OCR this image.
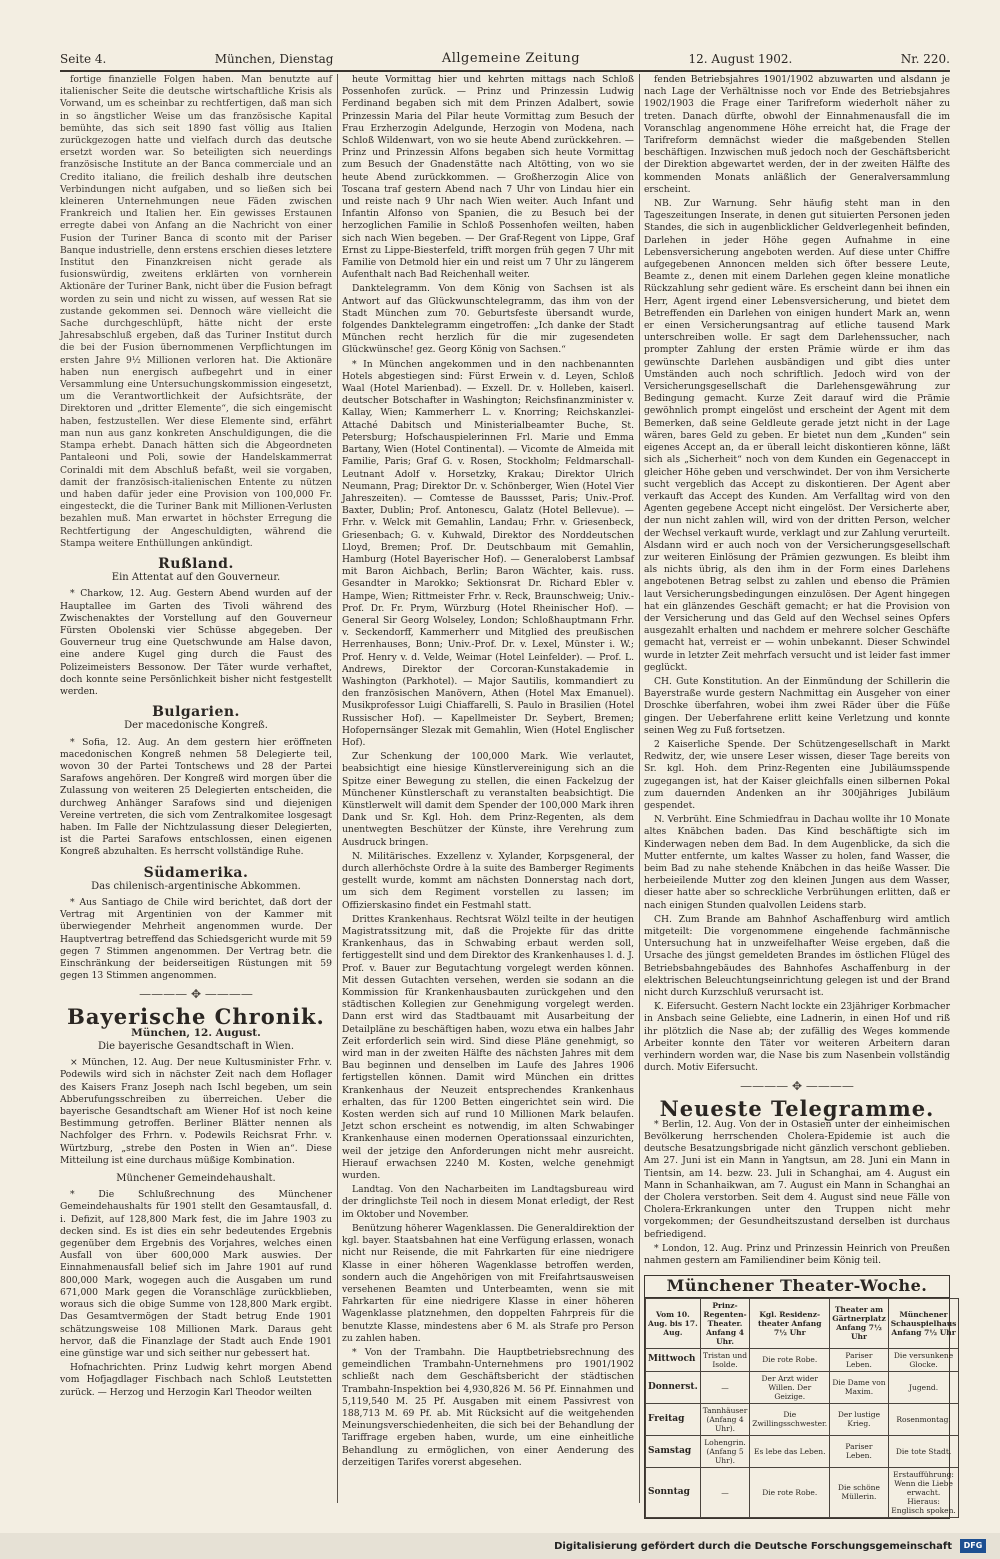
Seite 4.	München, Dienstag	Allgemeine Zeitung	12. August 1902.	Nr. 220.

fortige finanzielle Folgen haben. Man benutzte auf italienischer Seite die deutsche wirtschaftliche Krisis als Vorwand, um es scheinbar zu rechtfertigen, daß man sich in so ängstlicher Weise um das französische Kapital bemühte, das sich seit 1890 fast völlig aus Italien zurückgezogen hatte und vielfach durch das deutsche ersetzt worden war. So beteiligten sich neuerdings französische Institute an der Banca commerciale und an Credito italiano, die freilich deshalb ihre deutschen Verbindungen nicht aufgaben, und so ließen sich bei kleineren Unternehmungen neue Fäden zwischen Frankreich und Italien her. Ein gewisses Erstaunen erregte dabei von Anfang an die Nachricht von einer Fusion der Turiner Banca di sconto mit der Pariser Banque industrielle, denn erstens erschien dieses letztere Institut den Finanzkreisen nicht gerade als fusionswürdig, zweitens erklärten von vornherein Aktionäre der Turiner Bank, nicht über die Fusion befragt worden zu sein und nicht zu wissen, auf wessen Rat sie zustande gekommen sei. Dennoch wäre vielleicht die Sache durchgeschlüpft, hätte nicht der erste Jahresabschluß ergeben, daß das Turiner Institut durch die bei der Fusion übernommenen Verpflichtungen im ersten Jahre 9½ Millionen verloren hat. Die Aktionäre haben nun energisch aufbegehrt und in einer Versammlung eine Untersuchungskommission eingesetzt, um die Verantwortlichkeit der Aufsichtsräte, der Direktoren und „dritter Elemente“, die sich eingemischt haben, festzustellen. Wer diese Elemente sind, erfährt man nun aus ganz konkreten Anschuldigungen, die die Stampa erhebt. Danach hätten sich die Abgeordneten Pantaleoni und Poli, sowie der Handelskammerrat Corinaldi mit dem Abschluß befaßt, weil sie vorgaben, damit der französisch-italienischen Entente zu nützen und haben dafür jeder eine Provision von 100,000 Fr. eingesteckt, die die Turiner Bank mit Millionen-Verlusten bezahlen muß. Man erwartet in höchster Erregung die Rechtfertigung der Angeschuldigten, während die Stampa weitere Enthüllungen ankündigt.

Rußland.
Ein Attentat auf den Gouverneur.

* Charkow, 12. Aug. Gestern Abend wurden auf der Hauptallee im Garten des Tivoli während des Zwischenaktes der Vorstellung auf den Gouverneur Fürsten Obolenski vier Schüsse abgegeben. Der Gouverneur trug eine Quetschwunde am Halse davon, eine andere Kugel ging durch die Faust des Polizeimeisters Bessonow. Der Täter wurde verhaftet, doch konnte seine Persönlichkeit bisher nicht festgestellt werden.

Bulgarien.
Der macedonische Kongreß.

* Sofia, 12. Aug. An dem gestern hier eröffneten macedonischen Kongreß nehmen 58 Delegierte teil, wovon 30 der Partei Tontschews und 28 der Partei Sarafows angehören. Der Kongreß wird morgen über die Zulassung von weiteren 25 Delegierten entscheiden, die durchweg Anhänger Sarafows sind und diejenigen Vereine vertreten, die sich vom Zentralkomitee losgesagt haben. Im Falle der Nichtzulassung dieser Delegierten, ist die Partei Sarafows entschlossen, einen eigenen Kongreß abzuhalten. Es herrscht vollständige Ruhe.

Südamerika.
Das chilenisch-argentinische Abkommen.

* Aus Santiago de Chile wird berichtet, daß dort der Vertrag mit Argentinien von der Kammer mit überwiegender Mehrheit angenommen wurde. Der Hauptvertrag betreffend das Schiedsgericht wurde mit 59 gegen 7 Stimmen angenommen. Der Vertrag betr. die Einschränkung der beiderseitigen Rüstungen mit 59 gegen 13 Stimmen angenommen.

———— ✥ ————
Bayerische Chronik.
München, 12. August.
Die bayerische Gesandtschaft in Wien.

× München, 12. Aug. Der neue Kultusminister Frhr. v. Podewils wird sich in nächster Zeit nach dem Hoflager des Kaisers Franz Joseph nach Ischl begeben, um sein Abberufungsschreiben zu überreichen. Ueber die bayerische Gesandtschaft am Wiener Hof ist noch keine Bestimmung getroffen. Berliner Blätter nennen als Nachfolger des Frhrn. v. Podewils Reichsrat Frhr. v. Würtzburg, „strebe den Posten in Wien an“. Diese Mitteilung ist eine durchaus müßige Kombination.

Münchener Gemeindehaushalt.

* Die Schlußrechnung des Münchener Gemeindehaushalts für 1901 stellt den Gesamtausfall, d. i. Defizit, auf 128,800 Mark fest, die im Jahre 1903 zu decken sind. Es ist dies ein sehr bedeutendes Ergebnis gegenüber dem Ergebnis des Vorjahres, welches einen Ausfall von über 600,000 Mark auswies. Der Einnahmenausfall belief sich im Jahre 1901 auf rund 800,000 Mark, wogegen auch die Ausgaben um rund 671,000 Mark gegen die Voranschläge zurückblieben, woraus sich die obige Summe von 128,800 Mark ergibt. Das Gesamtvermögen der Stadt betrug Ende 1901 schätzungsweise 108 Millionen Mark. Daraus geht hervor, daß die Finanzlage der Stadt auch Ende 1901 eine günstige war und sich seither nur gebessert hat.

Hofnachrichten. Prinz Ludwig kehrt morgen Abend vom Hofjagdlager Fischbach nach Schloß Leutstetten zurück. — Herzog und Herzogin Karl Theodor weilten

heute Vormittag hier und kehrten mittags nach Schloß Possenhofen zurück. — Prinz und Prinzessin Ludwig Ferdinand begaben sich mit dem Prinzen Adalbert, sowie Prinzessin Maria del Pilar heute Vormittag zum Besuch der Frau Erzherzogin Adelgunde, Herzogin von Modena, nach Schloß Wildenwart, von wo sie heute Abend zurückkehren. — Prinz und Prinzessin Alfons begaben sich heute Vormittag zum Besuch der Gnadenstätte nach Altötting, von wo sie heute Abend zurückkommen. — Großherzogin Alice von Toscana traf gestern Abend nach 7 Uhr von Lindau hier ein und reiste nach 9 Uhr nach Wien weiter. Auch Infant und Infantin Alfonso von Spanien, die zu Besuch bei der herzoglichen Familie in Schloß Possenhofen weilten, haben sich nach Wien begeben. — Der Graf-Regent von Lippe, Graf Ernst zu Lippe-Biesterfeld, trifft morgen früh gegen 7 Uhr mit Familie von Detmold hier ein und reist um 7 Uhr zu längerem Aufenthalt nach Bad Reichenhall weiter.

Danktelegramm. Von dem König von Sachsen ist als Antwort auf das Glückwunschtelegramm, das ihm von der Stadt München zum 70. Geburtsfeste übersandt wurde, folgendes Danktelegramm eingetroffen: „Ich danke der Stadt München recht herzlich für die mir zugesendeten Glückwünsche! gez. Georg König von Sachsen.“

* In München angekommen und in den nachbenannten Hotels abgestiegen sind: Fürst Erwein v. d. Leyen, Schloß Waal (Hotel Marienbad). — Exzell. Dr. v. Holleben, kaiserl. deutscher Botschafter in Washington; Reichsfinanzminister v. Kallay, Wien; Kammerherr L. v. Knorring; Reichskanzlei-Attaché Dabitsch und Ministerialbeamter Buche, St. Petersburg; Hofschauspielerinnen Frl. Marie und Emma Bartany, Wien (Hotel Continental). — Vicomte de Almeida mit Familie, Paris; Graf G. v. Rosen, Stockholm; Feldmarschall-Leutnant Adolf v. Horsetzky, Krakau; Direktor Ulrich Neumann, Prag; Direktor Dr. v. Schönberger, Wien (Hotel Vier Jahreszeiten). — Comtesse de Baussset, Paris; Univ.-Prof. Baxter, Dublin; Prof. Antonescu, Galatz (Hotel Bellevue). — Frhr. v. Welck mit Gemahlin, Landau; Frhr. v. Griesenbeck, Griesenbach; G. v. Kuhwald, Direktor des Norddeutschen Lloyd, Bremen; Prof. Dr. Deutschbaum mit Gemahlin, Hamburg (Hotel Bayerischer Hof). — Generaloberst Lambsaf mit Baron Aichbach, Berlin; Baron Wächter, kais. russ. Gesandter in Marokko; Sektionsrat Dr. Richard Ebler v. Hampe, Wien; Rittmeister Frhr. v. Reck, Braunschweig; Univ.-Prof. Dr. Fr. Prym, Würzburg (Hotel Rheinischer Hof). — General Sir Georg Wolseley, London; Schloßhauptmann Frhr. v. Seckendorff, Kammerherr und Mitglied des preußischen Herrenhauses, Bonn; Univ.-Prof. Dr. v. Lexel, Münster i. W.; Prof. Henry v. d. Velde, Weimar (Hotel Leinfelder). — Prof. L. Andrews, Direktor der Corcoran-Kunstakademie in Washington (Parkhotel). — Major Sautilis, kommandiert zu den französischen Manövern, Athen (Hotel Max Emanuel). Musikprofessor Luigi Chiaffarelli, S. Paulo in Brasilien (Hotel Russischer Hof). — Kapellmeister Dr. Seybert, Bremen; Hofopernsänger Slezak mit Gemahlin, Wien (Hotel Englischer Hof).

Zur Schenkung der 100,000 Mark. Wie verlautet, beabsichtigt eine hiesige Künstlervereinigung sich an die Spitze einer Bewegung zu stellen, die einen Fackelzug der Münchener Künstlerschaft zu veranstalten beabsichtigt. Die Künstlerwelt will damit dem Spender der 100,000 Mark ihren Dank und Sr. Kgl. Hoh. dem Prinz-Regenten, als dem unentwegten Beschützer der Künste, ihre Verehrung zum Ausdruck bringen.

N. Militärisches. Exzellenz v. Xylander, Korpsgeneral, der durch allerhöchste Ordre à la suite des Bamberger Regiments gestellt wurde, kommt am nächsten Donnerstag nach dort, um sich dem Regiment vorstellen zu lassen; im Offizierskasino findet ein Festmahl statt.

Drittes Krankenhaus. Rechtsrat Wölzl teilte in der heutigen Magistratssitzung mit, daß die Projekte für das dritte Krankenhaus, das in Schwabing erbaut werden soll, fertiggestellt sind und dem Direktor des Krankenhauses l. d. J. Prof. v. Bauer zur Begutachtung vorgelegt werden können. Mit dessen Gutachten versehen, werden sie sodann an die Kommission für Krankenhausbauten zurückgehen und den städtischen Kollegien zur Genehmigung vorgelegt werden. Dann erst wird das Stadtbauamt mit Ausarbeitung der Detailpläne zu beschäftigen haben, wozu etwa ein halbes Jahr Zeit erforderlich sein wird. Sind diese Pläne genehmigt, so wird man in der zweiten Hälfte des nächsten Jahres mit dem Bau beginnen und denselben im Laufe des Jahres 1906 fertigstellen können. Damit wird München ein drittes Krankenhaus der Neuzeit entsprechendes Krankenhaus erhalten, das für 1200 Betten eingerichtet sein wird. Die Kosten werden sich auf rund 10 Millionen Mark belaufen. Jetzt schon erscheint es notwendig, im alten Schwabinger Krankenhause einen modernen Operationssaal einzurichten, weil der jetzige den Anforderungen nicht mehr ausreicht. Hierauf erwachsen 2240 M. Kosten, welche genehmigt wurden.

Landtag. Von den Nacharbeiten im Landtagsbureau wird der dringlichste Teil noch in diesem Monat erledigt, der Rest im Oktober und November.

Benützung höherer Wagenklassen. Die Generaldirektion der kgl. bayer. Staatsbahnen hat eine Verfügung erlassen, wonach nicht nur Reisende, die mit Fahrkarten für eine niedrigere Klasse in einer höheren Wagenklasse betroffen werden, sondern auch die Angehörigen von mit Freifahrtsausweisen versehenen Beamten und Unterbeamten, wenn sie mit Fahrkarten für eine niedrigere Klasse in einer höheren Wagenklasse platznehmen, den doppelten Fahrpreis für die benutzte Klasse, mindestens aber 6 M. als Strafe pro Person zu zahlen haben.

* Von der Trambahn. Die Hauptbetriebsrechnung des gemeindlichen Trambahn-Unternehmens pro 1901/1902 schließt nach dem Geschäftsbericht der städtischen Trambahn-Inspektion bei 4,930,826 M. 56 Pf. Einnahmen und 5,119,540 M. 25 Pf. Ausgaben mit einem Passivrest von 188,713 M. 69 Pf. ab. Mit Rücksicht auf die weitgehenden Meinungsverschiedenheiten, die sich bei der Behandlung der Tariffrage ergeben haben, wurde, um eine einheitliche Behandlung zu ermöglichen, von einer Aenderung des derzeitigen Tarifes vorerst abgesehen.

fenden Betriebsjahres 1901/1902 abzuwarten und alsdann je nach Lage der Verhältnisse noch vor Ende des Betriebsjahres 1902/1903 die Frage einer Tarifreform wiederholt näher zu treten. Danach dürfte, obwohl der Einnahmenausfall die im Voranschlag angenommene Höhe erreicht hat, die Frage der Tarifreform demnächst wieder die maßgebenden Stellen beschäftigen. Inzwischen muß jedoch noch der Geschäftsbericht der Direktion abgewartet werden, der in der zweiten Hälfte des kommenden Monats anläßlich der Generalversammlung erscheint.

NB. Zur Warnung. Sehr häufig steht man in den Tageszeitungen Inserate, in denen gut situierten Personen jeden Standes, die sich in augenblicklicher Geldverlegenheit befinden, Darlehen in jeder Höhe gegen Aufnahme in eine Lebensversicherung angeboten werden. Auf diese unter Chiffre aufgegebenen Annoncen melden sich öfter bessere Leute, Beamte z., denen mit einem Darlehen gegen kleine monatliche Rückzahlung sehr gedient wäre. Es erscheint dann bei ihnen ein Herr, Agent irgend einer Lebensversicherung, und bietet dem Betreffenden ein Darlehen von einigen hundert Mark an, wenn er einen Versicherungsantrag auf etliche tausend Mark unterschreiben wolle. Er sagt dem Darlehenssucher, nach prompter Zahlung der ersten Prämie würde er ihm das gewünschte Darlehen ausbändigen und gibt dies unter Umständen auch noch schriftlich. Jedoch wird von der Versicherungsgesellschaft die Darlehensgewährung zur Bedingung gemacht. Kurze Zeit darauf wird die Prämie gewöhnlich prompt eingelöst und erscheint der Agent mit dem Bemerken, daß seine Geldleute gerade jetzt nicht in der Lage wären, bares Geld zu geben. Er bietet nun dem „Kunden“ sein eigenes Accept an, da er überall leicht diskontieren könne, läßt sich als „Sicherheit“ noch von dem Kunden ein Gegenaccept in gleicher Höhe geben und verschwindet. Der von ihm Versicherte sucht vergeblich das Accept zu diskontieren. Der Agent aber verkauft das Accept des Kunden. Am Verfalltag wird von den Agenten gegebene Accept nicht eingelöst. Der Versicherte aber, der nun nicht zahlen will, wird von der dritten Person, welcher der Wechsel verkauft wurde, verklagt und zur Zahlung verurteilt. Alsdann wird er auch noch von der Versicherungsgesellschaft zur weiteren Einlösung der Prämien gezwungen. Es bleibt ihm als nichts übrig, als den ihm in der Form eines Darlehens angebotenen Betrag selbst zu zahlen und ebenso die Prämien laut Versicherungsbedingungen einzulösen. Der Agent hingegen hat ein glänzendes Geschäft gemacht; er hat die Provision von der Versicherung und das Geld auf den Wechsel seines Opfers ausgezahlt erhalten und nachdem er mehrere solcher Geschäfte gemacht hat, verreist er — wohin unbekannt. Dieser Schwindel wurde in letzter Zeit mehrfach versucht und ist leider fast immer geglückt.

CH. Gute Konstitution. An der Einmündung der Schillerin die Bayerstraße wurde gestern Nachmittag ein Ausgeher von einer Droschke überfahren, wobei ihm zwei Räder über die Füße gingen. Der Ueberfahrene erlitt keine Verletzung und konnte seinen Weg zu Fuß fortsetzen.

2 Kaiserliche Spende. Der Schützengesellschaft in Markt Redwitz, der, wie unsere Leser wissen, dieser Tage bereits von Sr. kgl. Hoh. dem Prinz-Regenten eine Jubiläumsspende zugegangen ist, hat der Kaiser gleichfalls einen silbernen Pokal zum dauernden Andenken an ihr 300jähriges Jubiläum gespendet.

N. Verbrüht. Eine Schmiedfrau in Dachau wollte ihr 10 Monate altes Knäbchen baden. Das Kind beschäftigte sich im Kinderwagen neben dem Bad. In dem Augenblicke, da sich die Mutter entfernte, um kaltes Wasser zu holen, fand Wasser, die beim Bad zu nahe stehende Knäbchen in das heiße Wasser. Die herbeieilende Mutter zog den kleinen Jungen aus dem Wasser, dieser hatte aber so schreckliche Verbrühungen erlitten, daß er nach einigen Stunden qualvollen Leidens starb.

CH. Zum Brande am Bahnhof Aschaffenburg wird amtlich mitgeteilt: Die vorgenommene eingehende fachmännische Untersuchung hat in unzweifelhafter Weise ergeben, daß die Ursache des jüngst gemeldeten Brandes im östlichen Flügel des Betriebsbahngebäudes des Bahnhofes Aschaffenburg in der elektrischen Beleuchtungseinrichtung gelegen ist und der Brand nicht durch Kurzschluß verursacht ist.

K. Eifersucht. Gestern Nacht lockte ein 23jähriger Korbmacher in Ansbach seine Geliebte, eine Ladnerin, in einen Hof und riß ihr plötzlich die Nase ab; der zufällig des Weges kommende Arbeiter konnte den Täter vor weiteren Arbeitern daran verhindern worden war, die Nase bis zum Nasenbein vollständig durch. Motiv Eifersucht.

———— ✥ ————
Neueste Telegramme.

* Berlin, 12. Aug. Von der in Ostasien unter der einheimischen Bevölkerung herrschenden Cholera-Epidemie ist auch die deutsche Besatzungsbrigade nicht gänzlich verschont geblieben. Am 27. Juni ist ein Mann in Yangtsun, am 28. Juni ein Mann in Tientsin, am 14. bezw. 23. Juli in Schanghai, am 4. August ein Mann in Schanhaikwan, am 7. August ein Mann in Schanghai an der Cholera verstorben. Seit dem 4. August sind neue Fälle von Cholera-Erkrankungen unter den Truppen nicht mehr vorgekommen; der Gesundheitszustand derselben ist durchaus befriedigend.

* London, 12. Aug. Prinz und Prinzessin Heinrich von Preußen nahmen gestern am Familiendiner beim König teil.

Münchener Theater-Woche.
Vom 10. Aug. bis 17. Aug.	Prinz-Regenten-Theater. Anfang 4 Uhr.	Kgl. Residenz-theater Anfang 7½ Uhr	Theater am Gärtnerplatz Anfang 7½ Uhr	Münchener Schauspielhaus Anfang 7½ Uhr
Mittwoch	Tristan und Isolde.	Die rote Robe.	Pariser Leben.	Die versunkene Glocke.
Donnerst.	—	Der Arzt wider Willen. Der Geizige.	Die Dame von Maxim.	Jugend.
Freitag	Tannhäuser (Anfang 4 Uhr).	Die Zwillingsschwester.	Der lustige Krieg.	Rosenmontag.
Samstag	Lohengrin. (Anfang 5 Uhr).	Es lebe das Leben.	Pariser Leben.	Die tote Stadt.
Sonntag	—	Die rote Robe.	Die schöne Müllerin.	Erstaufführung: Wenn die Liebe erwacht. Hieraus: Englisch spoken.
Digitalisierung gefördert durch die Deutsche Forschungsgemeinschaft	DFG
